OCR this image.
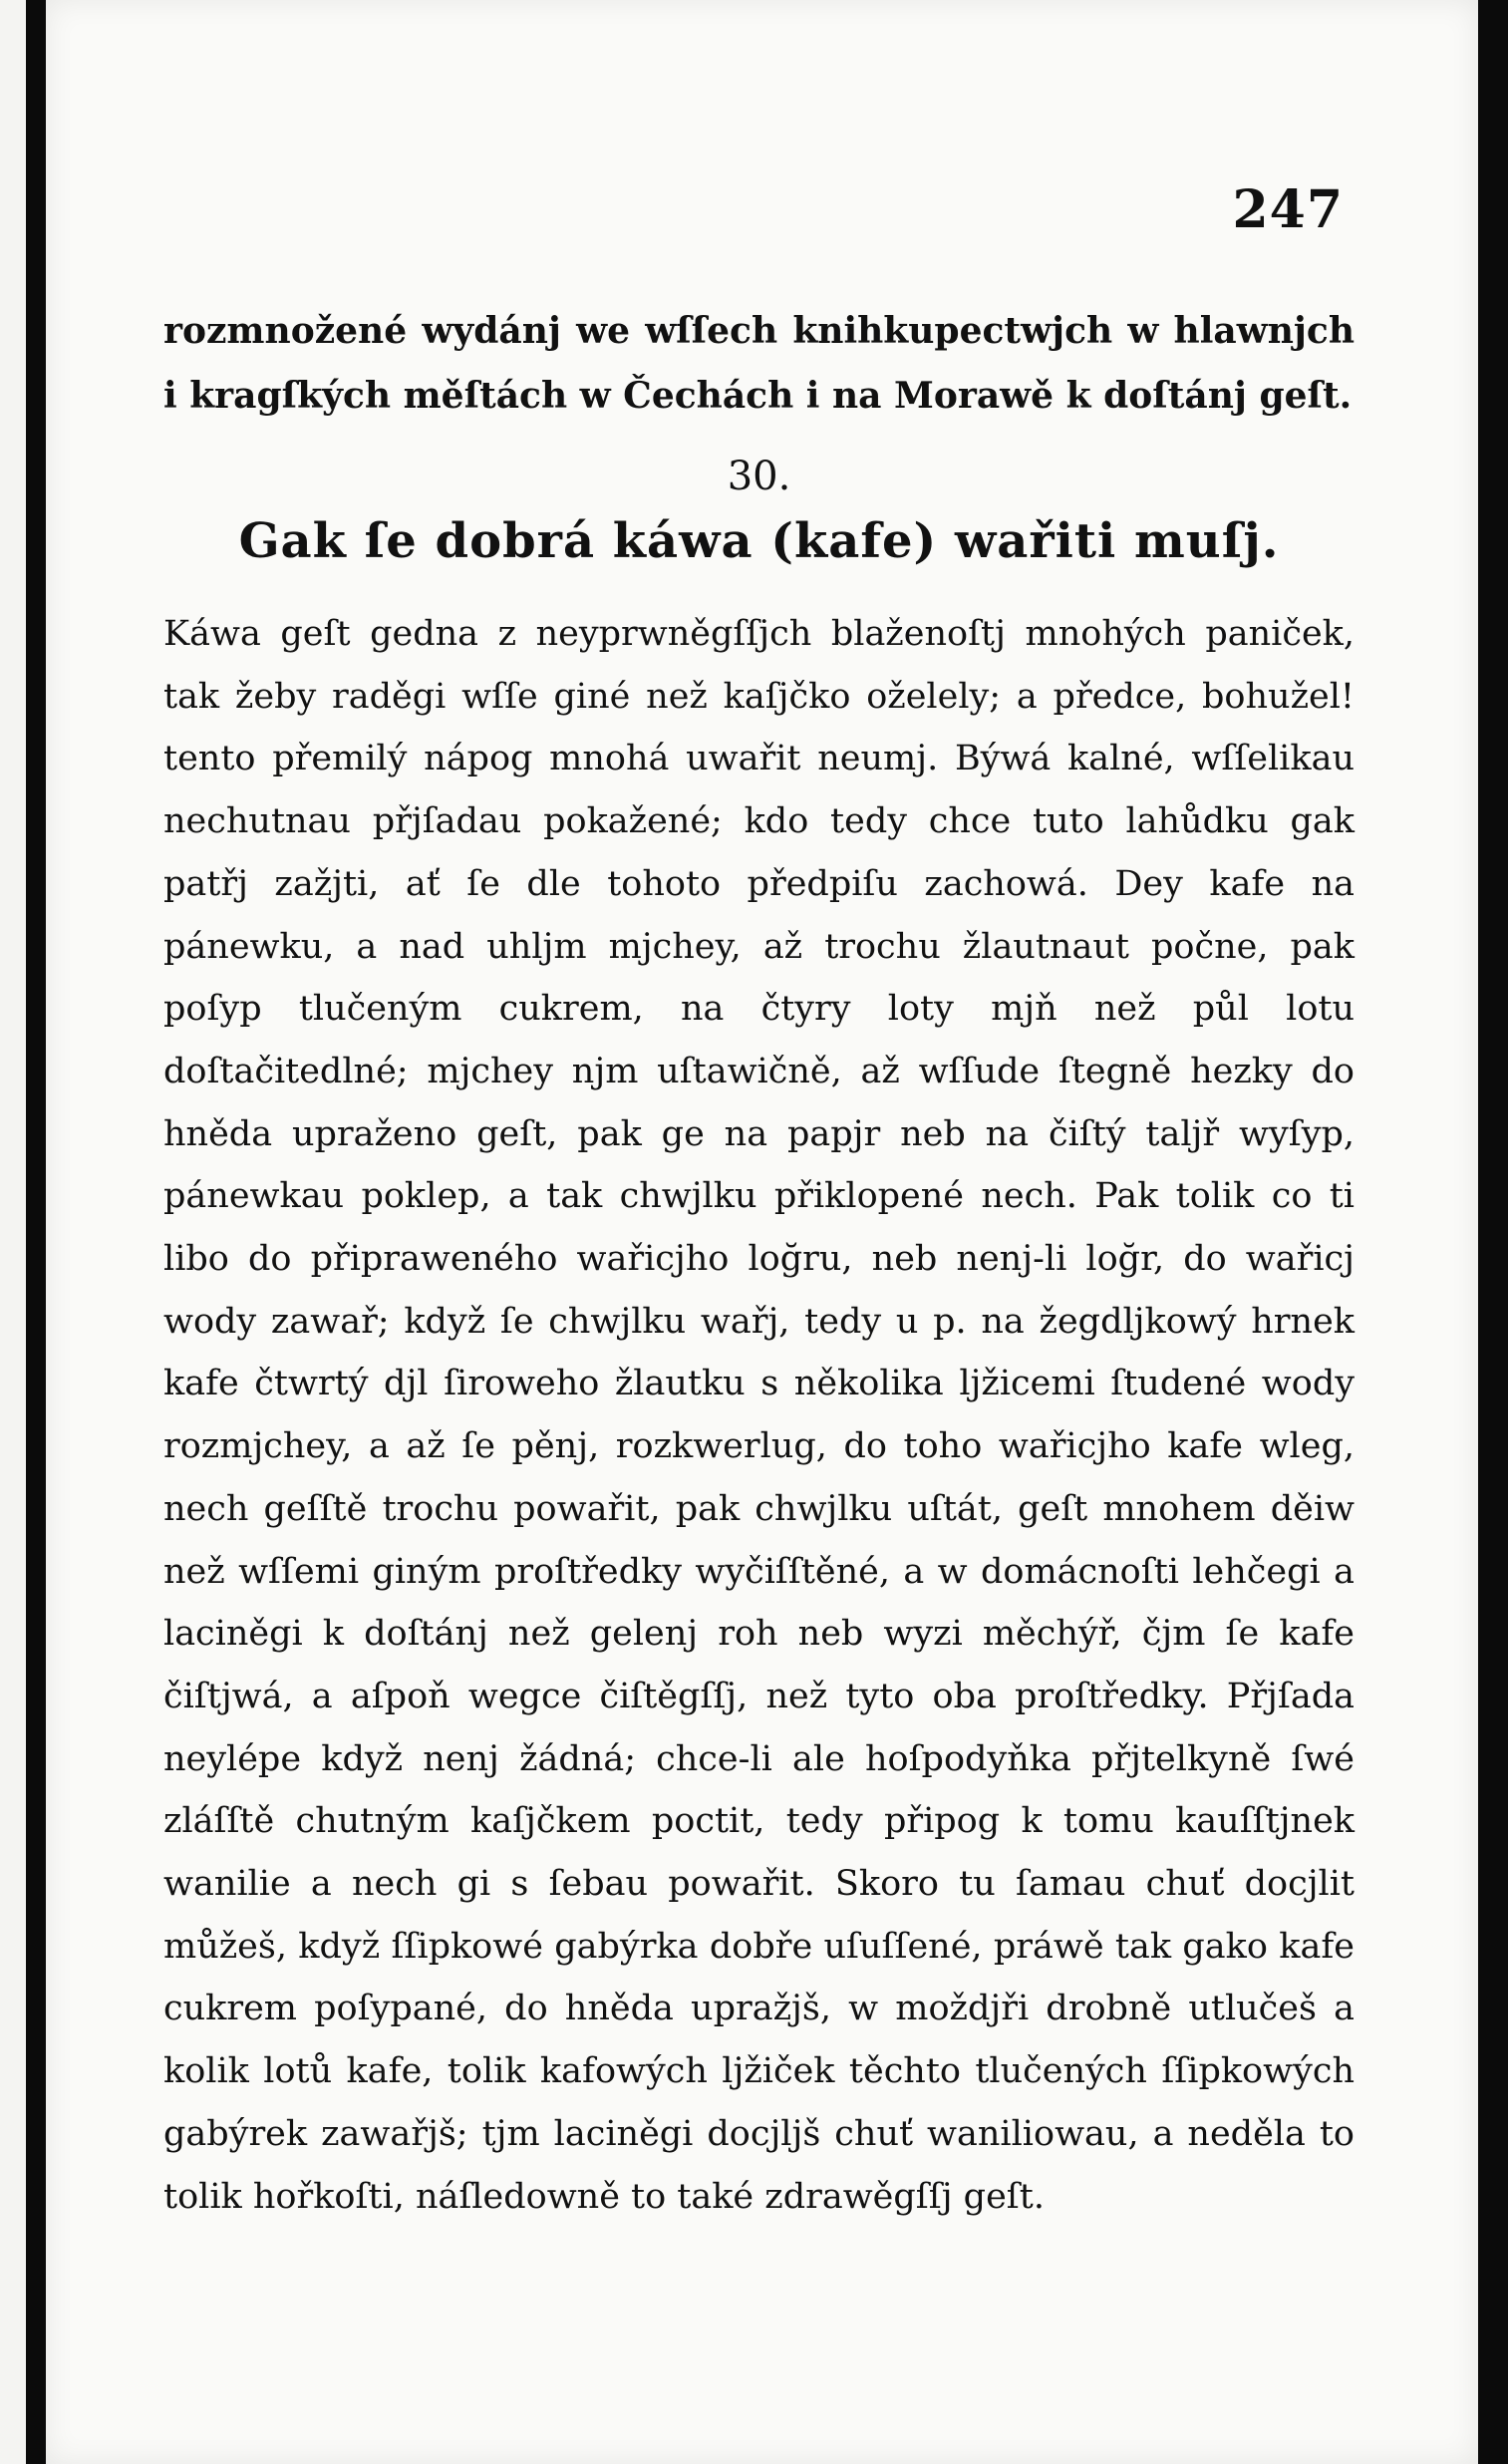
247
rozmnožené wydánj we wſſech knihkupectwjch w hlawnjch i kragſkých měſtách w Čechách i na Morawě k doſtánj geſt.
30.
Gak ſe dobrá káwa (kafe) wařiti muſj.
Káwa geſt gedna z neyprwněgſſjch blaženoſtj mnohých paniček, tak žeby raděgi wſſe giné než kaſjčko oželely; a předce, bohužel! tento přemilý nápog mnohá uwařit neumj. Býwá kalné, wſſelikau nechutnau přjſadau pokažené; kdo tedy chce tuto lahůdku gak patřj zažjti, ať ſe dle tohoto předpiſu zachowá. Dey kafe na pánewku, a nad uhljm mjchey, až trochu žlautnaut počne, pak poſyp tlučeným cukrem, na čtyry loty mjň než půl lotu doſtačitedlné; mjchey njm uſtawičně, až wſſude ſtegně hezky do hněda upraženo geſt, pak ge na papjr neb na čiſtý taljř wyſyp, pánewkau poklep, a tak chwjlku přiklopené nech. Pak tolik co ti libo do připraweného wařicjho loğru, neb nenj-li loğr, do wařicj wody zawař; když ſe chwjlku wařj, tedy u p. na žegdljkowý hrnek kafe čtwrtý djl ſiroweho žlautku s několika ljžicemi ſtudené wody rozmjchey, a až ſe pěnj, rozkwerlug, do toho wařicjho kafe wleg, nech geſſtě trochu powařit, pak chwjlku uſtát, geſt mnohem děiw než wſſemi giným proſtředky wyčiſſtěné, a w domácnoſti lehčegi a laciněgi k doſtánj než gelenj roh neb wyzi měchýř, čjm ſe kafe čiſtjwá, a aſpoň wegce čiſtěgſſj, než tyto oba proſtředky. Přjſada neylépe když nenj žádná; chce-li ale hoſpodyňka přjtelkyně ſwé zláſſtě chutným kaſjčkem poctit, tedy připog k tomu kauſſtjnek wanilie a nech gi s ſebau powařit. Skoro tu ſamau chuť docjlit můžeš, když ſſipkowé gabýrka dobře uſuſſené, práwě tak gako kafe cukrem poſypané, do hněda upražjš, w moždjři drobně utlučeš a kolik lotů kafe, tolik kafowých ljžiček těchto tlučených ſſipkowých gabýrek zawařjš; tjm laciněgi docjljš chuť waniliowau, a neděla to tolik hořkoſti, náſledowně to také zdrawěgſſj geſt.
